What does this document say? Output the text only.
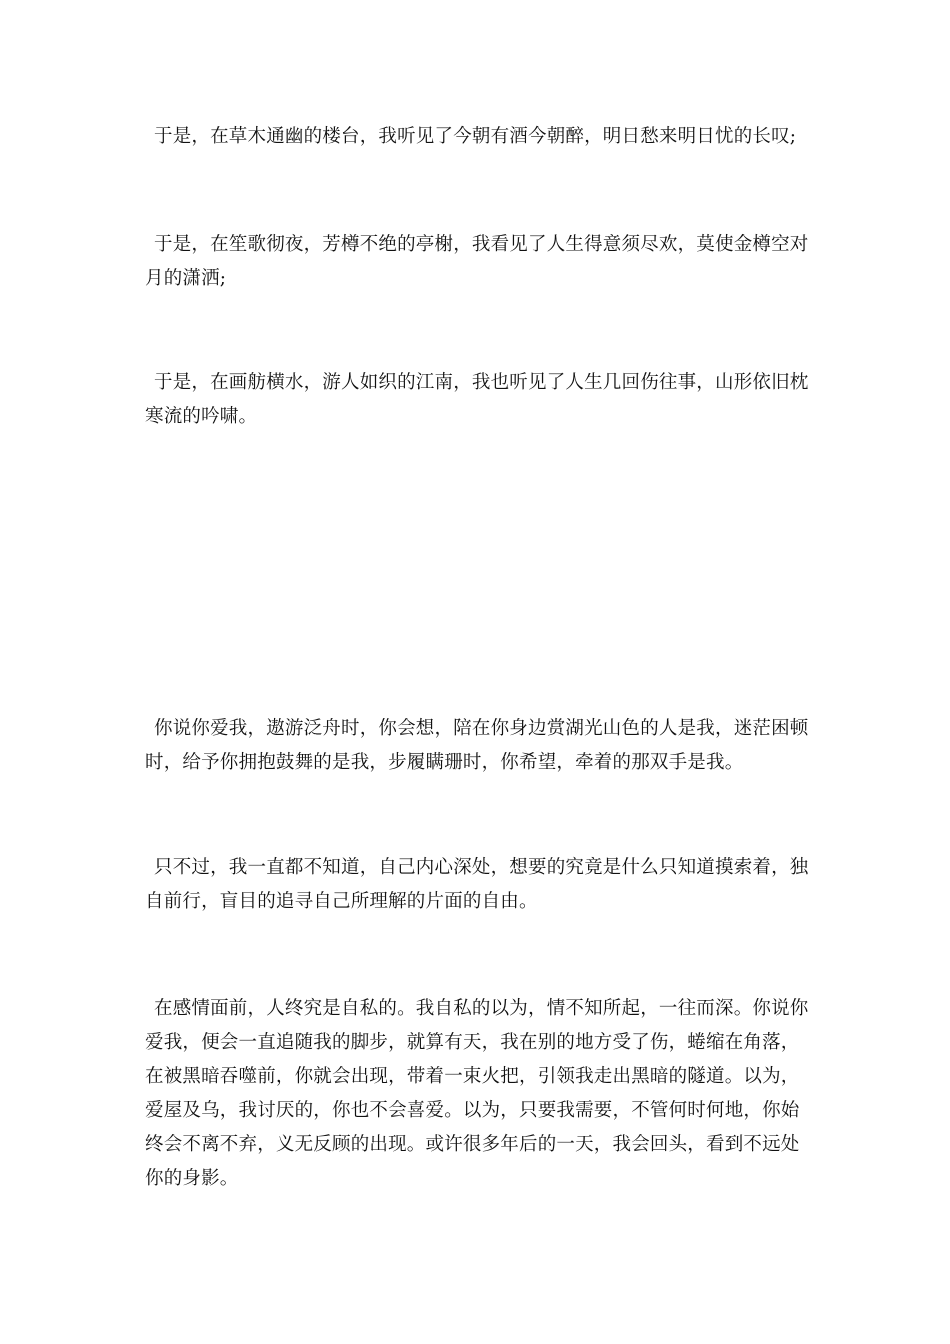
于是，在草木通幽的楼台，我听见了今朝有酒今朝醉，明日愁来明日忧的长叹;
于是，在笙歌彻夜，芳樽不绝的亭榭，我看见了人生得意须尽欢，莫使金樽空对月的潇洒;
于是，在画舫横水，游人如织的江南，我也听见了人生几回伤往事，山形依旧枕寒流的吟啸。
你说你爱我，遨游泛舟时，你会想，陪在你身边赏湖光山色的人是我，迷茫困顿时，给予你拥抱鼓舞的是我，步履瞒珊时，你希望，牵着的那双手是我。
只不过，我一直都不知道，自己内心深处，想要的究竟是什么只知道摸索着，独自前行，盲目的追寻自己所理解的片面的自由。
在感情面前，人终究是自私的。我自私的以为，情不知所起，一往而深。你说你爱我，便会一直追随我的脚步，就算有天，我在别的地方受了伤，蜷缩在角落，在被黑暗吞噬前，你就会出现，带着一束火把，引领我走出黑暗的隧道。以为，爱屋及乌，我讨厌的，你也不会喜爱。以为，只要我需要，不管何时何地，你始终会不离不弃，义无反顾的出现。或许很多年后的一天，我会回头，看到不远处你的身影。
